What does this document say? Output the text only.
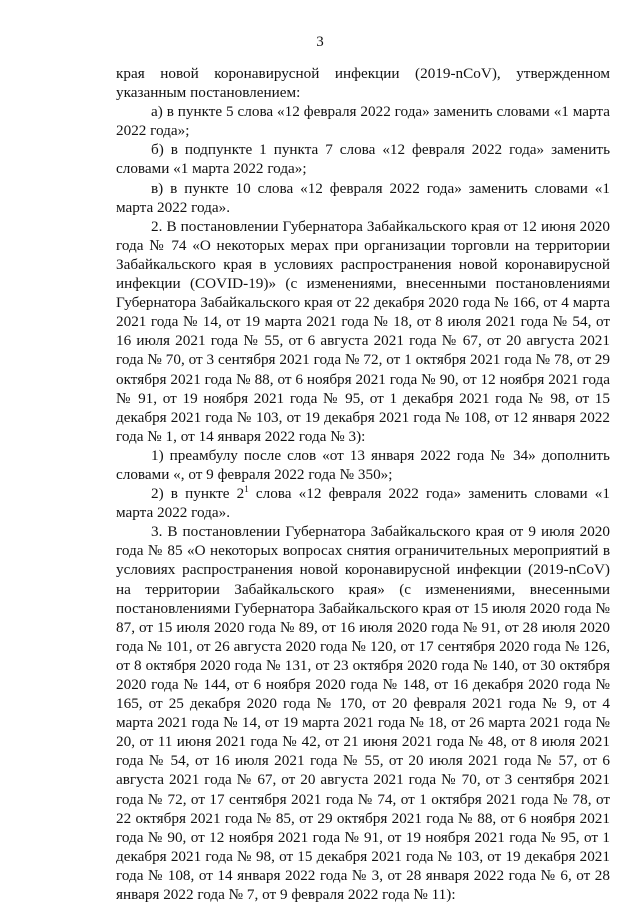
3

края новой коронавирусной инфекции (2019-nCoV), утвержденном указанным постановлением:

а) в пункте 5 слова «12 февраля 2022 года» заменить словами «1 марта 2022 года»;

б) в подпункте 1 пункта 7 слова «12 февраля 2022 года» заменить словами «1 марта 2022 года»;

в) в пункте 10 слова «12 февраля 2022 года» заменить словами «1 марта 2022 года».

2. В постановлении Губернатора Забайкальского края от 12 июня 2020 года № 74 «О некоторых мерах при организации торговли на территории Забайкальского края в условиях распространения новой коронавирусной инфекции (COVID-19)» (с изменениями, внесенными постановлениями Губернатора Забайкальского края от 22 декабря 2020 года № 166, от 4 марта 2021 года № 14, от 19 марта 2021 года № 18, от 8 июля 2021 года № 54, от 16 июля 2021 года № 55, от 6 августа 2021 года № 67, от 20 августа 2021 года № 70, от 3 сентября 2021 года № 72, от 1 октября 2021 года № 78, от 29 октября 2021 года № 88, от 6 ноября 2021 года № 90, от 12 ноября 2021 года № 91, от 19 ноября 2021 года № 95, от 1 декабря 2021 года № 98, от 15 декабря 2021 года № 103, от 19 декабря 2021 года № 108, от 12 января 2022 года № 1, от 14 января 2022 года № 3):

1) преамбулу после слов «от 13 января 2022 года № 34» дополнить словами «, от 9 февраля 2022 года № 350»;

2) в пункте $2^1$ слова «12 февраля 2022 года» заменить словами «1 марта 2022 года».

3. В постановлении Губернатора Забайкальского края от 9 июля 2020 года № 85 «О некоторых вопросах снятия ограничительных мероприятий в условиях распространения новой коронавирусной инфекции (2019-nCoV) на территории Забайкальского края» (с изменениями, внесенными постановлениями Губернатора Забайкальского края от 15 июля 2020 года № 87, от 15 июля 2020 года № 89, от 16 июля 2020 года № 91, от 28 июля 2020 года № 101, от 26 августа 2020 года № 120, от 17 сентября 2020 года № 126, от 8 октября 2020 года № 131, от 23 октября 2020 года № 140, от 30 октября 2020 года № 144, от 6 ноября 2020 года № 148, от 16 декабря 2020 года № 165, от 25 декабря 2020 года № 170, от 20 февраля 2021 года № 9, от 4 марта 2021 года № 14, от 19 марта 2021 года № 18, от 26 марта 2021 года № 20, от 11 июня 2021 года № 42, от 21 июня 2021 года № 48, от 8 июля 2021 года № 54, от 16 июля 2021 года № 55, от 20 июля 2021 года № 57, от 6 августа 2021 года № 67, от 20 августа 2021 года № 70, от 3 сентября 2021 года № 72, от 17 сентября 2021 года № 74, от 1 октября 2021 года № 78, от 22 октября 2021 года № 85, от 29 октября 2021 года № 88, от 6 ноября 2021 года № 90, от 12 ноября 2021 года № 91, от 19 ноября 2021 года № 95, от 1 декабря 2021 года № 98, от 15 декабря 2021 года № 103, от 19 декабря 2021 года № 108, от 14 января 2022 года № 3, от 28 января 2022 года № 6, от 28 января 2022 года № 7, от 9 февраля 2022 года № 11):
